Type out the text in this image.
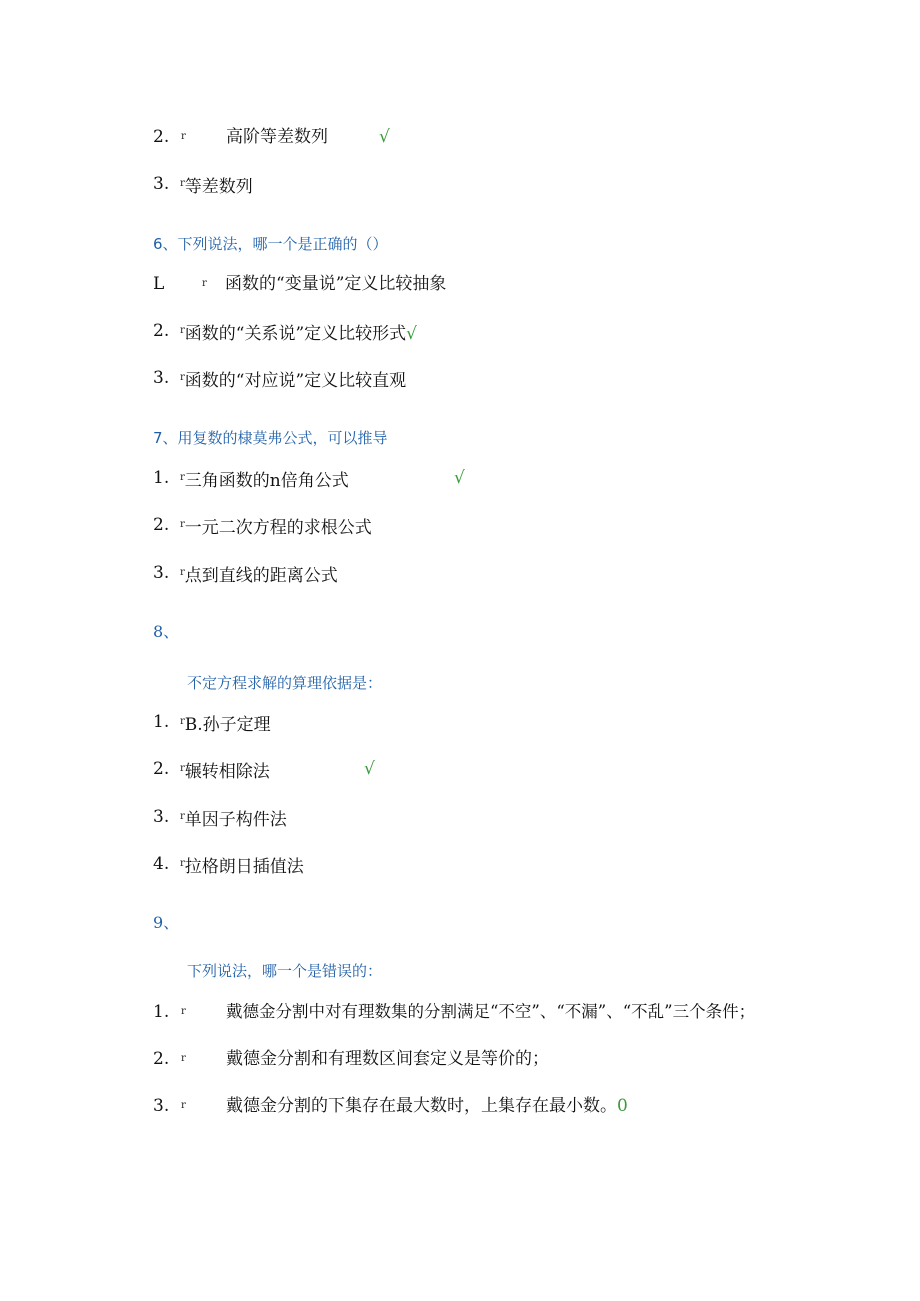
2. r 高阶等差数列	√
3. $^r$等差数列
6、下列说法，哪一个是正确的（）
L	r 函数的“变量说”定义比较抽象
2. $^r$函数的“关系说”定义比较形式√
3. $^r$函数的“对应说”定义比较直观
7、用复数的棣莫弗公式，可以推导
1. $^r$三角函数的n倍角公式	√
2. $^r$一元二次方程的求根公式
3. $^r$点到直线的距离公式
8、
不定方程求解的算理依据是：
1. $^r$B.孙子定理
2. $^r$辗转相除法	√
3. $^r$单因子构件法
4. $^r$拉格朗日插值法
9、
下列说法，哪一个是错误的：
1. r 戴德金分割中对有理数集的分割满足“不空”、“不漏”、“不乱”三个条件；
2. r 戴德金分割和有理数区间套定义是等价的；
3. r 戴德金分割的下集存在最大数时，上集存在最小数。0
